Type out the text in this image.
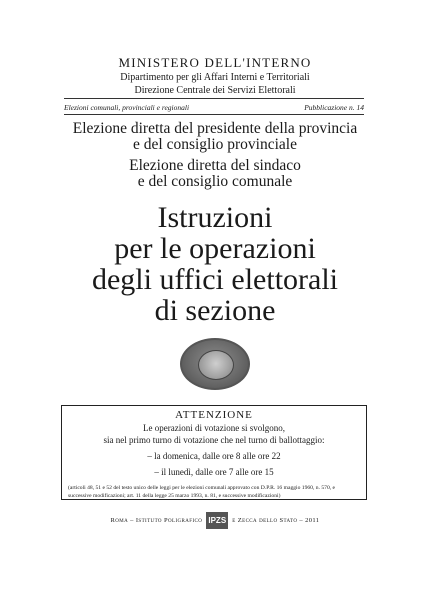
MINISTERO DELL'INTERNO
Dipartimento per gli Affari Interni e Territoriali
Direzione Centrale dei Servizi Elettorali
Elezioni comunali, provinciali e regionali	Pubblicazione n. 14
Elezione diretta del presidente della provincia
e del consiglio provinciale
Elezione diretta del sindaco
e del consiglio comunale
Istruzioni
per le operazioni
degli uffici elettorali
di sezione
ATTENZIONE
Le operazioni di votazione si svolgono,
sia nel primo turno di votazione che nel turno di ballottaggio:
– la domenica, dalle ore 8 alle ore 22
– il lunedì, dalle ore 7 alle ore 15
(articoli 48, 51 e 52 del testo unico delle leggi per le elezioni comunali approvato con D.P.R. 16 maggio 1960, n. 570, e successive modificazioni; art. 11 della legge 25 marzo 1993, n. 81, e successive modificazioni)
Roma – Istituto Poligrafico IPZS e Zecca dello Stato – 2011
